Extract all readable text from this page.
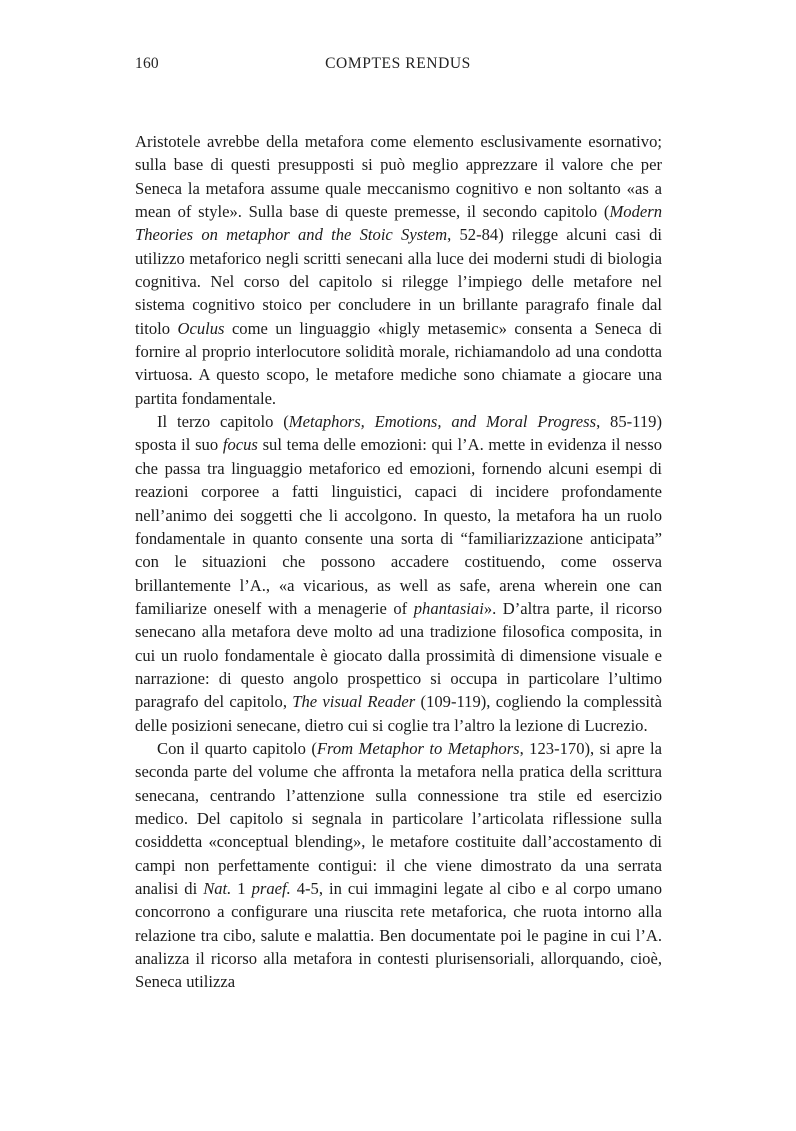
160	COMPTES RENDUS

Aristotele avrebbe della metafora come elemento esclusivamente esornativo; sulla base di questi presupposti si può meglio apprezzare il valore che per Seneca la metafora assume quale meccanismo cognitivo e non soltanto «as a mean of style». Sulla base di queste premesse, il secondo capitolo (Modern Theories on metaphor and the Stoic System, 52-84) rilegge alcuni casi di utilizzo metaforico negli scritti senecani alla luce dei moderni studi di biologia cognitiva. Nel corso del capitolo si rilegge l’impiego delle metafore nel sistema cognitivo stoico per concludere in un brillante paragrafo finale dal titolo Oculus come un linguaggio «higly metasemic» consenta a Seneca di fornire al proprio interlocutore solidità morale, richiamandolo ad una condotta virtuosa. A questo scopo, le metafore mediche sono chiamate a giocare una partita fondamentale.

Il terzo capitolo (Metaphors, Emotions, and Moral Progress, 85-119) sposta il suo focus sul tema delle emozioni: qui l’A. mette in evidenza il nesso che passa tra linguaggio metaforico ed emozioni, fornendo alcuni esempi di reazioni corporee a fatti linguistici, capaci di incidere profondamente nell’animo dei soggetti che li accolgono. In questo, la metafora ha un ruolo fondamentale in quanto consente una sorta di “familiarizzazione anticipata” con le situazioni che possono accadere costituendo, come osserva brillantemente l’A., «a vicarious, as well as safe, arena wherein one can familiarize oneself with a menagerie of phantasiai». D’altra parte, il ricorso senecano alla metafora deve molto ad una tradizione filosofica composita, in cui un ruolo fondamentale è giocato dalla prossimità di dimensione visuale e narrazione: di questo angolo prospettico si occupa in particolare l’ultimo paragrafo del capitolo, The visual Reader (109-119), cogliendo la complessità delle posizioni senecane, dietro cui si coglie tra l’altro la lezione di Lucrezio.

Con il quarto capitolo (From Metaphor to Metaphors, 123-170), si apre la seconda parte del volume che affronta la metafora nella pratica della scrittura senecana, centrando l’attenzione sulla connessione tra stile ed esercizio medico. Del capitolo si segnala in particolare l’articolata riflessione sulla cosiddetta «conceptual blending», le metafore costituite dall’accostamento di campi non perfettamente contigui: il che viene dimostrato da una serrata analisi di Nat. 1 praef. 4-5, in cui immagini legate al cibo e al corpo umano concorrono a configurare una riuscita rete metaforica, che ruota intorno alla relazione tra cibo, salute e malattia. Ben documentate poi le pagine in cui l’A. analizza il ricorso alla metafora in contesti plurisensoriali, allorquando, cioè, Seneca utilizza
